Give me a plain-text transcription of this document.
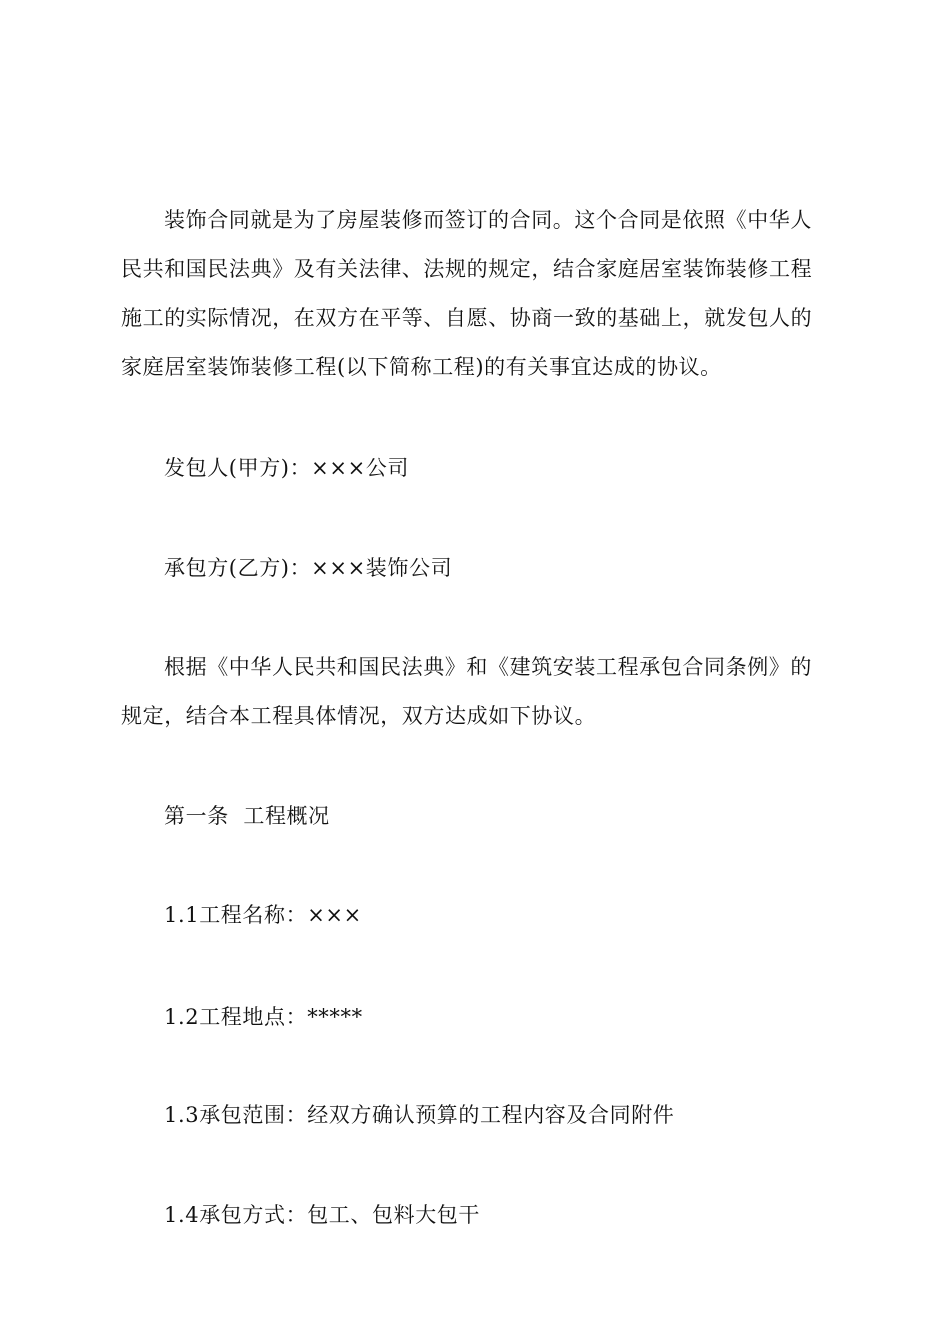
装饰合同就是为了房屋装修而签订的合同。这个合同是依照《中华人民共和国民法典》及有关法律、法规的规定，结合家庭居室装饰装修工程施工的实际情况，在双方在平等、自愿、协商一致的基础上，就发包人的家庭居室装饰装修工程(以下简称工程)的有关事宜达成的协议。

发包人(甲方)：×××公司

承包方(乙方)：×××装饰公司

根据《中华人民共和国民法典》和《建筑安装工程承包合同条例》的规定，结合本工程具体情况，双方达成如下协议。

第一条  工程概况

1.1工程名称：×××

1.2工程地点：*****

1.3承包范围：经双方确认预算的工程内容及合同附件

1.4承包方式：包工、包料大包干
